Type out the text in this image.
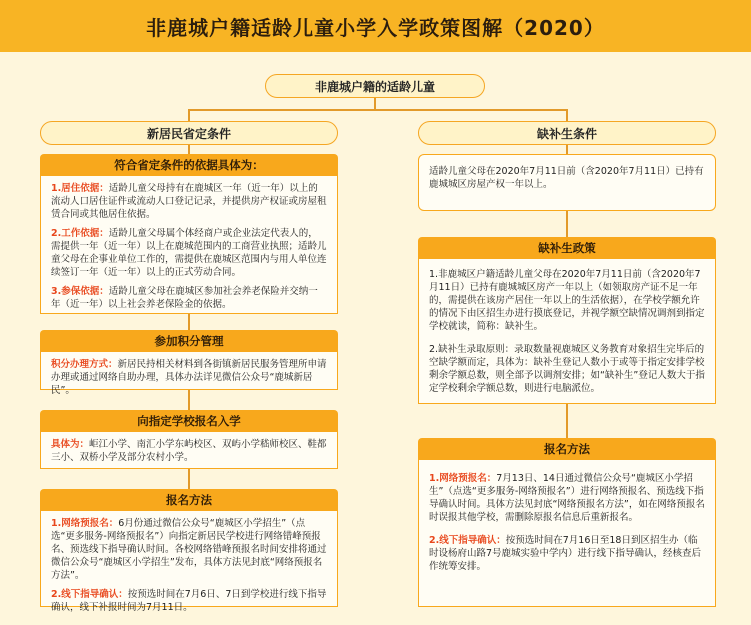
非鹿城户籍适龄儿童小学入学政策图解（2020）
非鹿城户籍的适龄儿童
新居民省定条件
符合省定条件的依据具体为：

1.居住依据：适龄儿童父母持有在鹿城区一年（近一年）以上的流动人口居住证件或流动人口登记记录，并提供房产权证或房屋租赁合同或其他居住依据。

2.工作依据：适龄儿童父母属个体经商户或企业法定代表人的，需提供一年（近一年）以上在鹿城范围内的工商营业执照；适龄儿童父母在企事业单位工作的，需提供在鹿城区范围内与用人单位连续签订一年（近一年）以上的正式劳动合同。

3.参保依据：适龄儿童父母在鹿城区参加社会养老保险并交纳一年（近一年）以上社会养老保险金的依据。

参加积分管理

积分办理方式：新居民持相关材料到各街镇新居民服务管理所申请办理或通过网络自助办理，具体办法详见微信公众号“鹿城新居民”。

向指定学校报名入学

具体为：岠江小学、南汇小学东屿校区、双屿小学嵇师校区、鞋都三小、双桥小学及部分农村小学。

报名方法

1.网络预报名：6月份通过微信公众号“鹿城区小学招生”（点选“更多服务-网络预报名”）向指定新居民学校进行网络错峰预报名、预选线下指导确认时间。各校网络错峰预报名时间安排将通过微信公众号“鹿城区小学招生”发布，具体方法见封底“网络预报名方法”。

2.线下指导确认：按预选时间在7月6日、7日到学校进行线下指导确认，线下补报时间为7月11日。

缺补生条件

适龄儿童父母在2020年7月11日前（含2020年7月11日）已持有鹿城城区房屋产权一年以上。

缺补生政策

1.非鹿城区户籍适龄儿童父母在2020年7月11日前（含2020年7月11日）已持有鹿城城区房产一年以上（如领取房产证不足一年的，需提供在该房产居住一年以上的生活依据），在学校学额允许的情况下由区招生办进行摸底登记，并视学额空缺情况调剂到指定学校就读，简称：缺补生。

2.缺补生录取原则：录取数量视鹿城区义务教育对象招生完毕后的空缺学额而定，具体为：缺补生登记人数小于或等于指定安排学校剩余学额总数，则全部予以调剂安排；如“缺补生”登记人数大于指定学校剩余学额总数，则进行电脑派位。

报名方法

1.网络预报名：7月13日、14日通过微信公众号“鹿城区小学招生”（点选“更多服务-网络预报名”）进行网络预报名、预选线下指导确认时间。具体方法见封底“网络预报名方法”，如在网络预报名时误报其他学校，需删除原报名信息后重新报名。

2.线下指导确认：按预选时间在7月16日至18日到区招生办（临时设杨府山路7号鹿城实验中学内）进行线下指导确认，经核查后作统筹安排。
